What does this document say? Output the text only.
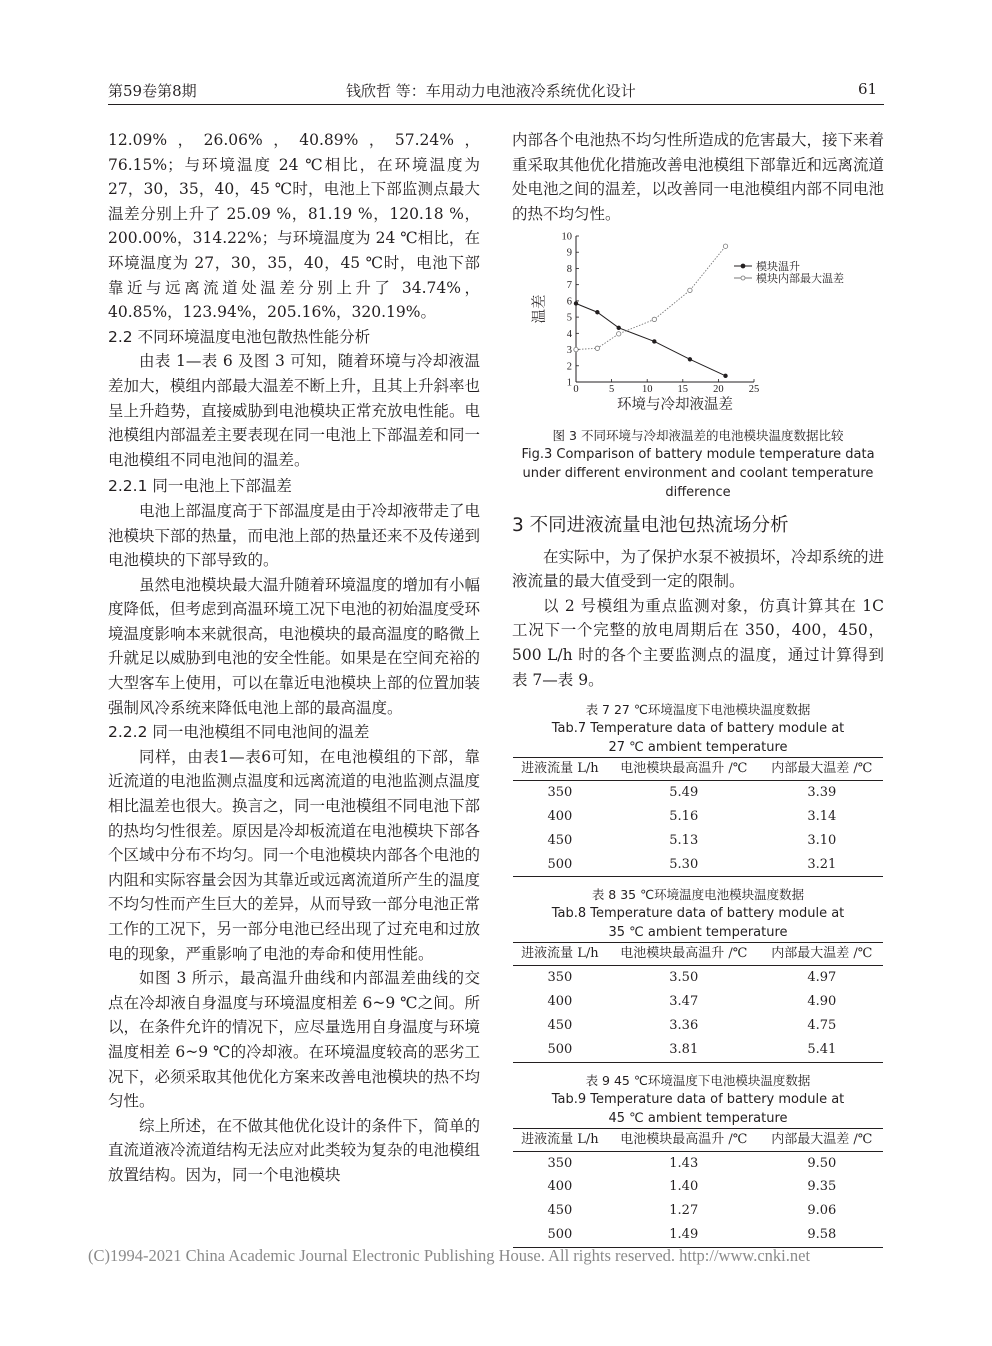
第59卷第8期	钱欣哲 等：车用动力电池液冷系统优化设计	61

12.09%，26.06%，40.89%，57.24%，76.15%；与环境温度 24 ℃相比，在环境温度为 27，30，35，40，45 ℃时，电池上下部监测点最大温差分别上升了 25.09 %，81.19 %，120.18 %，200.00%，314.22%；与环境温度为 24 ℃相比，在环境温度为 27，30，35，40，45 ℃时，电池下部靠近与远离流道处温差分别上升了 34.74%，40.85%，123.94%，205.16%，320.19%。

2.2 不同环境温度电池包散热性能分析

由表 1—表 6 及图 3 可知，随着环境与冷却液温差加大，模组内部最大温差不断上升，且其上升斜率也呈上升趋势，直接威胁到电池模块正常充放电性能。电池模组内部温差主要表现在同一电池上下部温差和同一电池模组不同电池间的温差。

2.2.1 同一电池上下部温差

电池上部温度高于下部温度是由于冷却液带走了电池模块下部的热量，而电池上部的热量还来不及传递到电池模块的下部导致的。

虽然电池模块最大温升随着环境温度的增加有小幅度降低，但考虑到高温环境工况下电池的初始温度受环境温度影响本来就很高，电池模块的最高温度的略微上升就足以威胁到电池的安全性能。如果是在空间充裕的大型客车上使用，可以在靠近电池模块上部的位置加装强制风冷系统来降低电池上部的最高温度。

2.2.2 同一电池模组不同电池间的温差

同样，由表1—表6可知，在电池模组的下部，靠近流道的电池监测点温度和远离流道的电池监测点温度相比温差也很大。换言之，同一电池模组不同电池下部的热均匀性很差。原因是冷却板流道在电池模块下部各个区域中分布不均匀。同一个电池模块内部各个电池的内阻和实际容量会因为其靠近或远离流道所产生的温度不均匀性而产生巨大的差异，从而导致一部分电池正常工作的工况下，另一部分电池已经出现了过充电和过放电的现象，严重影响了电池的寿命和使用性能。

如图 3 所示，最高温升曲线和内部温差曲线的交点在冷却液自身温度与环境温度相差 6~9 ℃之间。所以，在条件允许的情况下，应尽量选用自身温度与环境温度相差 6~9 ℃的冷却液。在环境温度较高的恶劣工况下，必须采取其他优化方案来改善电池模块的热不均匀性。

综上所述，在不做其他优化设计的条件下，简单的直流道液冷流道结构无法应对此类较为复杂的电池模组放置结构。因为，同一个电池模块

内部各个电池热不均匀性所造成的危害最大，接下来着重采取其他优化措施改善电池模组下部靠近和远离流道处电池之间的温差，以改善同一电池模组内部不同电池的热不均匀性。

0	5	10 15 20 25
1
2
3
4
5
6
7
8
9
10
环境与冷却液温差
温差
模块温升
模块内部最大温差
图 3 不同环境与冷却液温差的电池模块温度数据比较
Fig.3 Comparison of battery module temperature data under different environment and coolant temperature difference
3 不同进液流量电池包热流场分析

在实际中，为了保护水泵不被损坏，冷却系统的进液流量的最大值受到一定的限制。

以 2 号模组为重点监测对象，仿真计算其在 1C 工况下一个完整的放电周期后在 350，400，450，500 L/h 时的各个主要监测点的温度，通过计算得到表 7—表 9。

表 7 27 ℃环境温度下电池模块温度数据
Tab.7 Temperature data of battery module at
27 ℃ ambient temperature
进液流量 L/h	电池模块最高温升 /℃	内部最大温差 /℃
350	5.49	3.39
400	5.16	3.14
450	5.13	3.10
500	5.30	3.21
表 8 35 ℃环境温度电池模块温度数据
Tab.8 Temperature data of battery module at
35 ℃ ambient temperature
进液流量 L/h	电池模块最高温升 /℃	内部最大温差 /℃
350	3.50	4.97
400	3.47	4.90
450	3.36	4.75
500	3.81	5.41
表 9 45 ℃环境温度下电池模块温度数据
Tab.9 Temperature data of battery module at
45 ℃ ambient temperature
进液流量 L/h	电池模块最高温升 /℃	内部最大温差 /℃
350	1.43	9.50
400	1.40	9.35
450	1.27	9.06
500	1.49	9.58
(C)1994-2021 China Academic Journal Electronic Publishing House. All rights reserved. http://www.cnki.net
